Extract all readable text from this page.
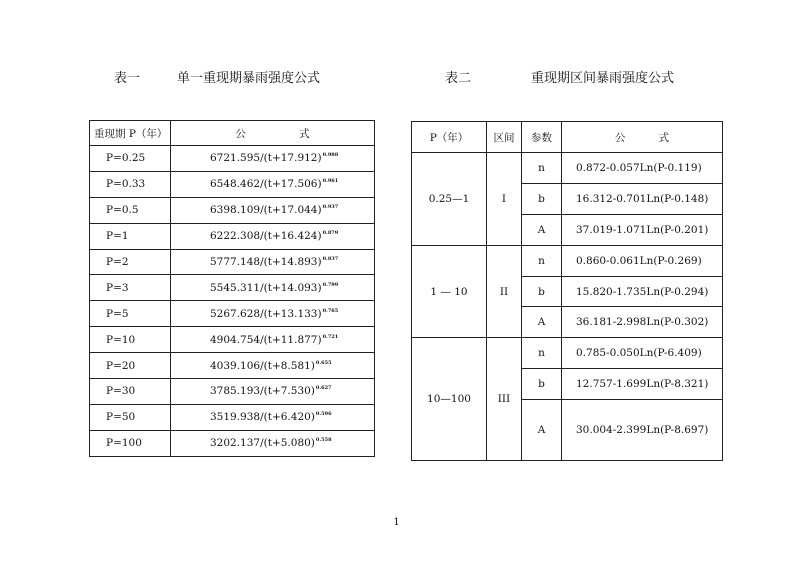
表一	单一重现期暴雨强度公式	表二	重现期区间暴雨强度公式
重现期 P（年）	公 式
P=0.25	$6721.595/(t+17.912)^{0.988}$
P=0.33	$6548.462/(t+17.506)^{0.961}$
P=0.5	$6398.109/(t+17.044)^{0.937}$
P=1	$6222.308/(t+16.424)^{0.879}$
P=2	$5777.148/(t+14.893)^{0.837}$
P=3	$5545.311/(t+14.093)^{0.799}$
P=5	$5267.628/(t+13.133)^{0.765}$
P=10	$4904.754/(t+11.877)^{0.721}$
P=20	$4039.106/(t+8.581)^{0.655}$
P=30	$3785.193/(t+7.530)^{0.627}$
P=50	$3519.938/(t+6.420)^{0.596}$
P=100	$3202.137/(t+5.080)^{0.558}$
P（年）	区间	参数	公 式
0.25—1	I	n	0.872-0.057Ln(P-0.119)
		b	16.312-0.701Ln(P-0.148)
		A	37.019-1.071Ln(P-0.201)
1 — 10	II	n	0.860-0.061Ln(P-0.269)
		b	15.820-1.735Ln(P-0.294)
		A	36.181-2.998Ln(P-0.302)
10—100	III	n	0.785-0.050Ln(P-6.409)
		b	12.757-1.699Ln(P-8.321)
		A	30.004-2.399Ln(P-8.697)
1
